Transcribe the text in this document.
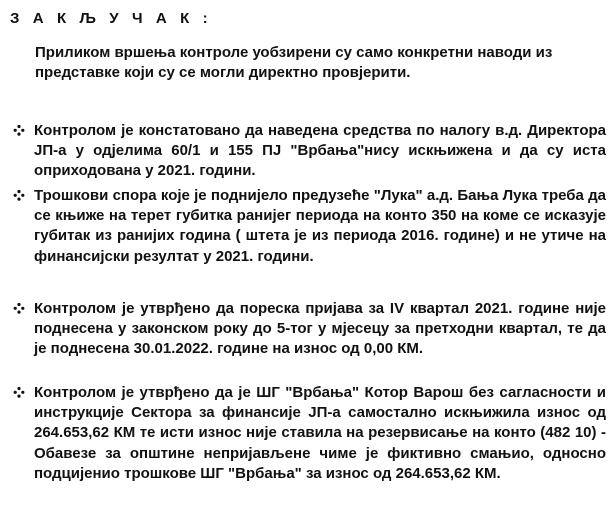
З А К Љ У Ч А К :
Приликом вршења контроле уобзирени су само конкретни наводи из представке који су се могли директно провјерити.
Контролом је констатовано да наведена средства по налогу в.д. Директора ЈП-а у одјелима 60/1 и 155 ПЈ "Врбања"нису искњижена и да су иста оприходована у 2021. години.
Трошкови спора које је поднијело предузеће "Лука" а.д. Бања Лука треба да се књиже на терет губитка ранијег периода на конто 350 на коме се исказује губитак из ранијих година ( штета је из периода 2016. године) и не утиче на финансијски резултат у 2021. години.
Контролом је утврђено да пореска пријава за IV квартал 2021. године није поднесена у законском року до 5-тог у мјесецу за претходни квартал, те да је поднесена 30.01.2022. године на износ од 0,00 КМ.
Контролом је утврђено да је ШГ "Врбања" Котор Варош без сагласности и инструкције Сектора за финансије ЈП-а самостално искњижила износ од 264.653,62 КМ те исти износ није ставила на резервисање на конто (482 10) - Обавезе за општине непријављене чиме је фиктивно смањио, односно подцијенио трошкове ШГ "Врбања" за износ од 264.653,62 КМ.
